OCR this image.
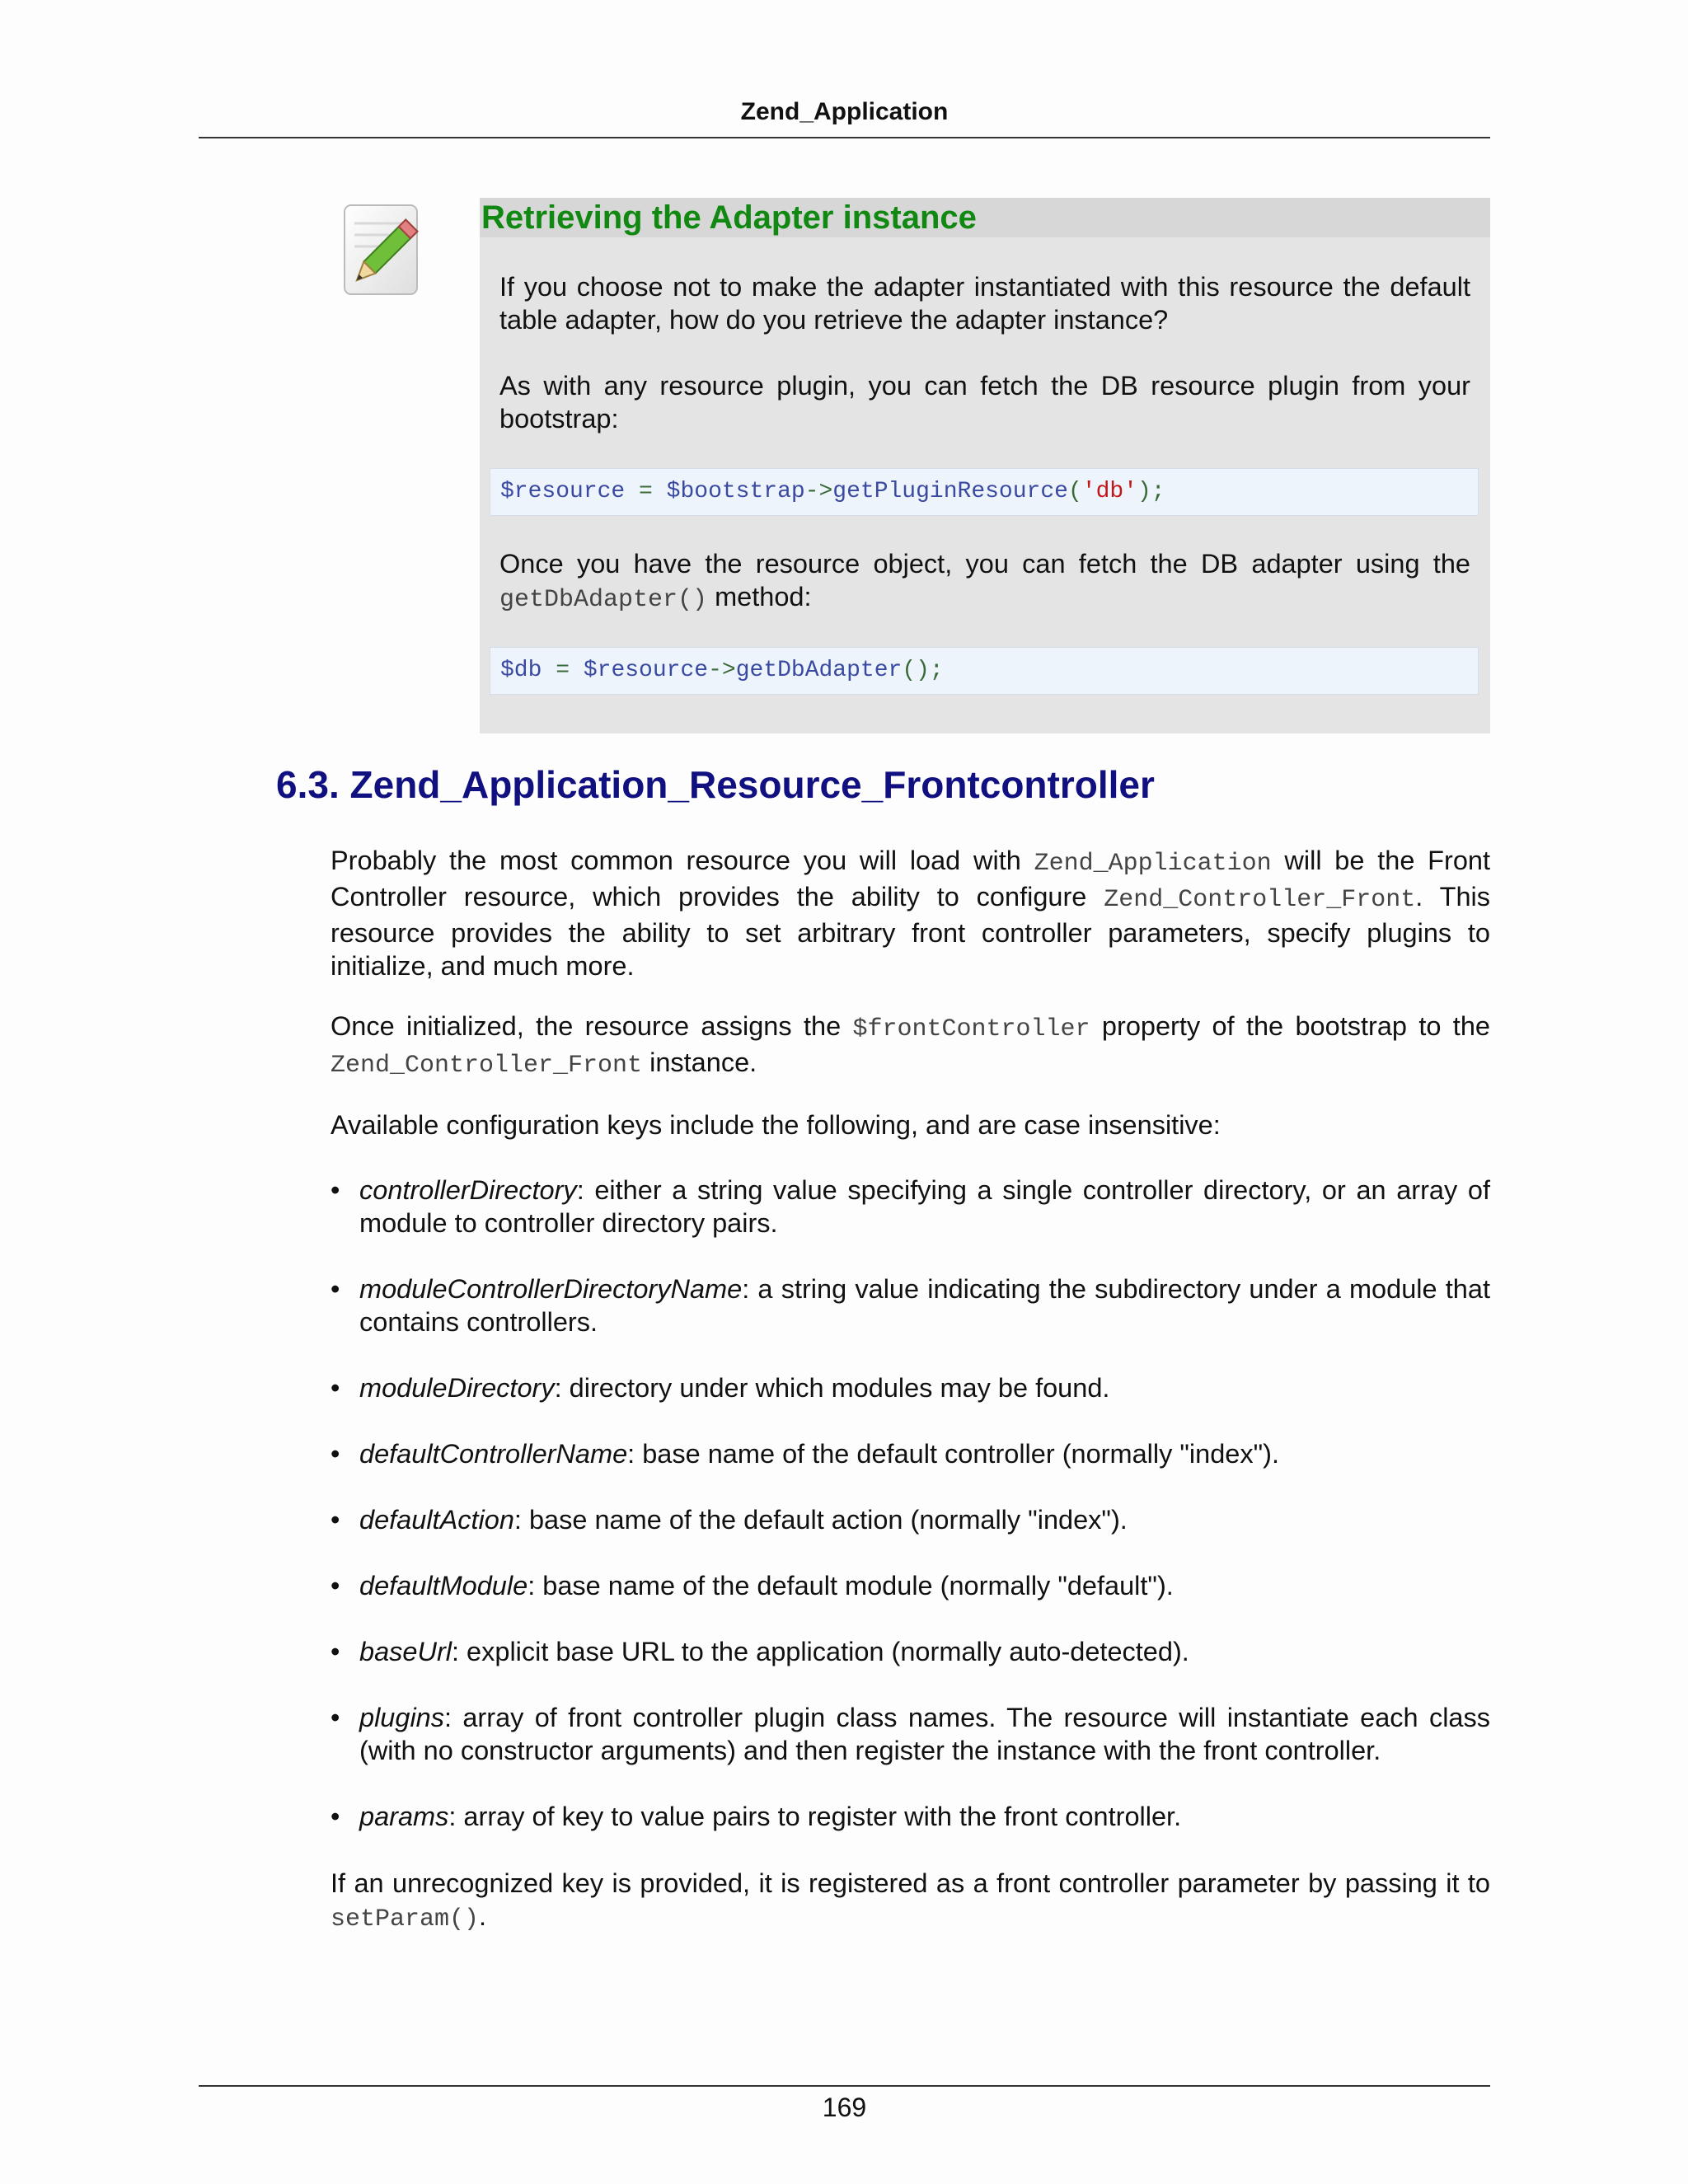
Zend_Application
Retrieving the Adapter instance
If you choose not to make the adapter instantiated with this resource the default table adapter, how do you retrieve the adapter instance?
As with any resource plugin, you can fetch the DB resource plugin from your bootstrap:
$resource = $bootstrap->getPluginResource('db');
Once you have the resource object, you can fetch the DB adapter using the getDbAdapter() method:
$db = $resource->getDbAdapter();
6.3. Zend_Application_Resource_Frontcontroller
Probably the most common resource you will load with Zend_Application will be the Front Controller resource, which provides the ability to configure Zend_Controller_Front. This resource provides the ability to set arbitrary front controller parameters, specify plugins to initialize, and much more.
Once initialized, the resource assigns the $frontController property of the bootstrap to the Zend_Controller_Front instance.
Available configuration keys include the following, and are case insensitive:
• controllerDirectory: either a string value specifying a single controller directory, or an array of module to controller directory pairs.
• moduleControllerDirectoryName: a string value indicating the subdirectory under a module that contains controllers.
• moduleDirectory: directory under which modules may be found.
• defaultControllerName: base name of the default controller (normally "index").
• defaultAction: base name of the default action (normally "index").
• defaultModule: base name of the default module (normally "default").
• baseUrl: explicit base URL to the application (normally auto-detected).
• plugins: array of front controller plugin class names. The resource will instantiate each class (with no constructor arguments) and then register the instance with the front controller.
• params: array of key to value pairs to register with the front controller.
If an unrecognized key is provided, it is registered as a front controller parameter by passing it to setParam().
169
